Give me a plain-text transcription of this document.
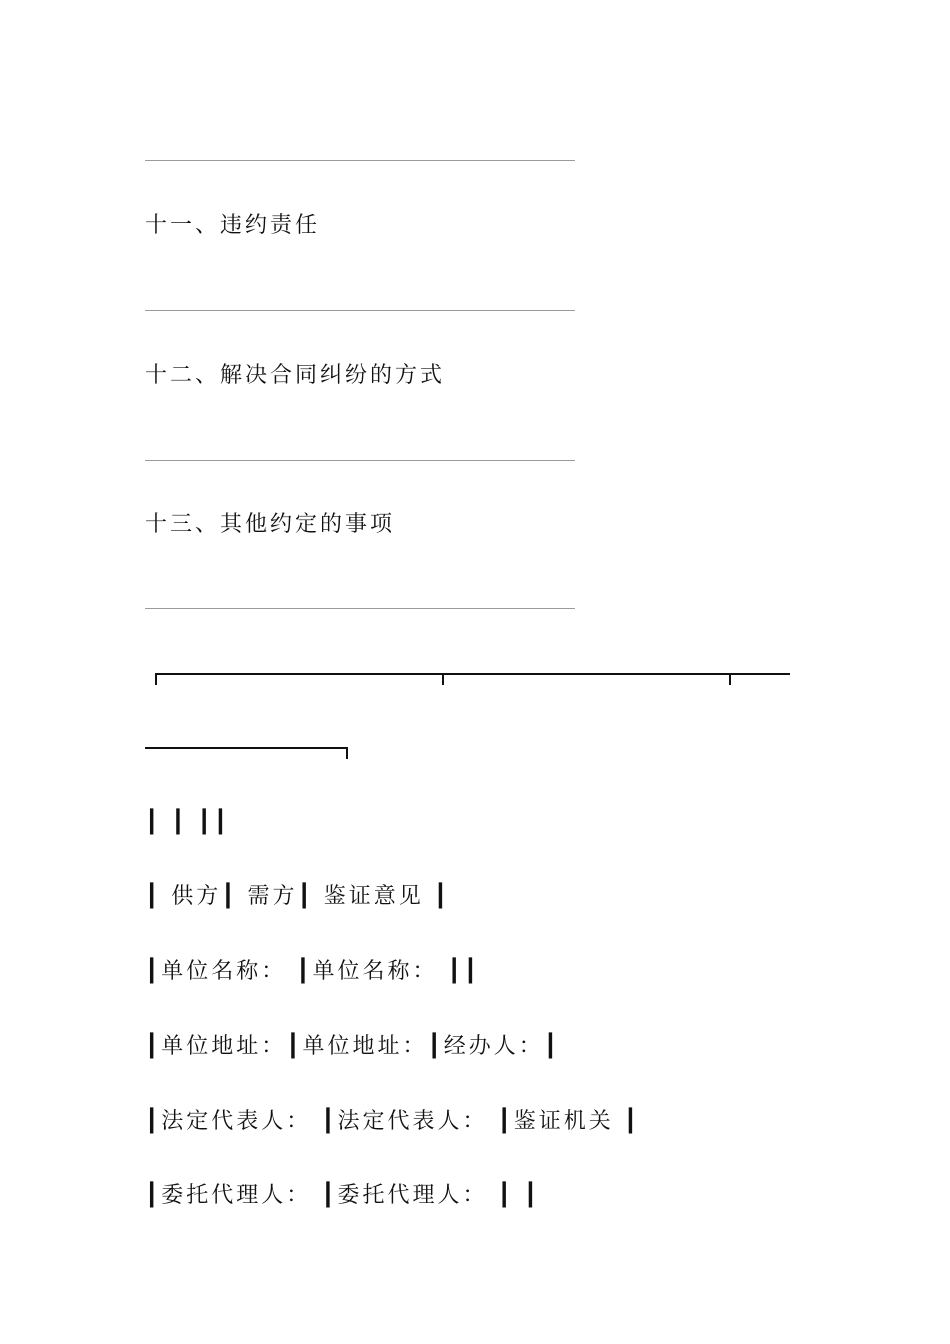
十一、违约责任
十二、解决合同纠纷的方式
十三、其他约定的事项
┃ ┃ ┃┃
┃ 供方┃ 需方┃ 鉴证意见 ┃
┃单位名称： ┃单位名称： ┃┃
┃单位地址：┃单位地址：┃经办人：┃
┃法定代表人： ┃法定代表人： ┃鉴证机关 ┃
┃委托代理人： ┃委托代理人： ┃ ┃
